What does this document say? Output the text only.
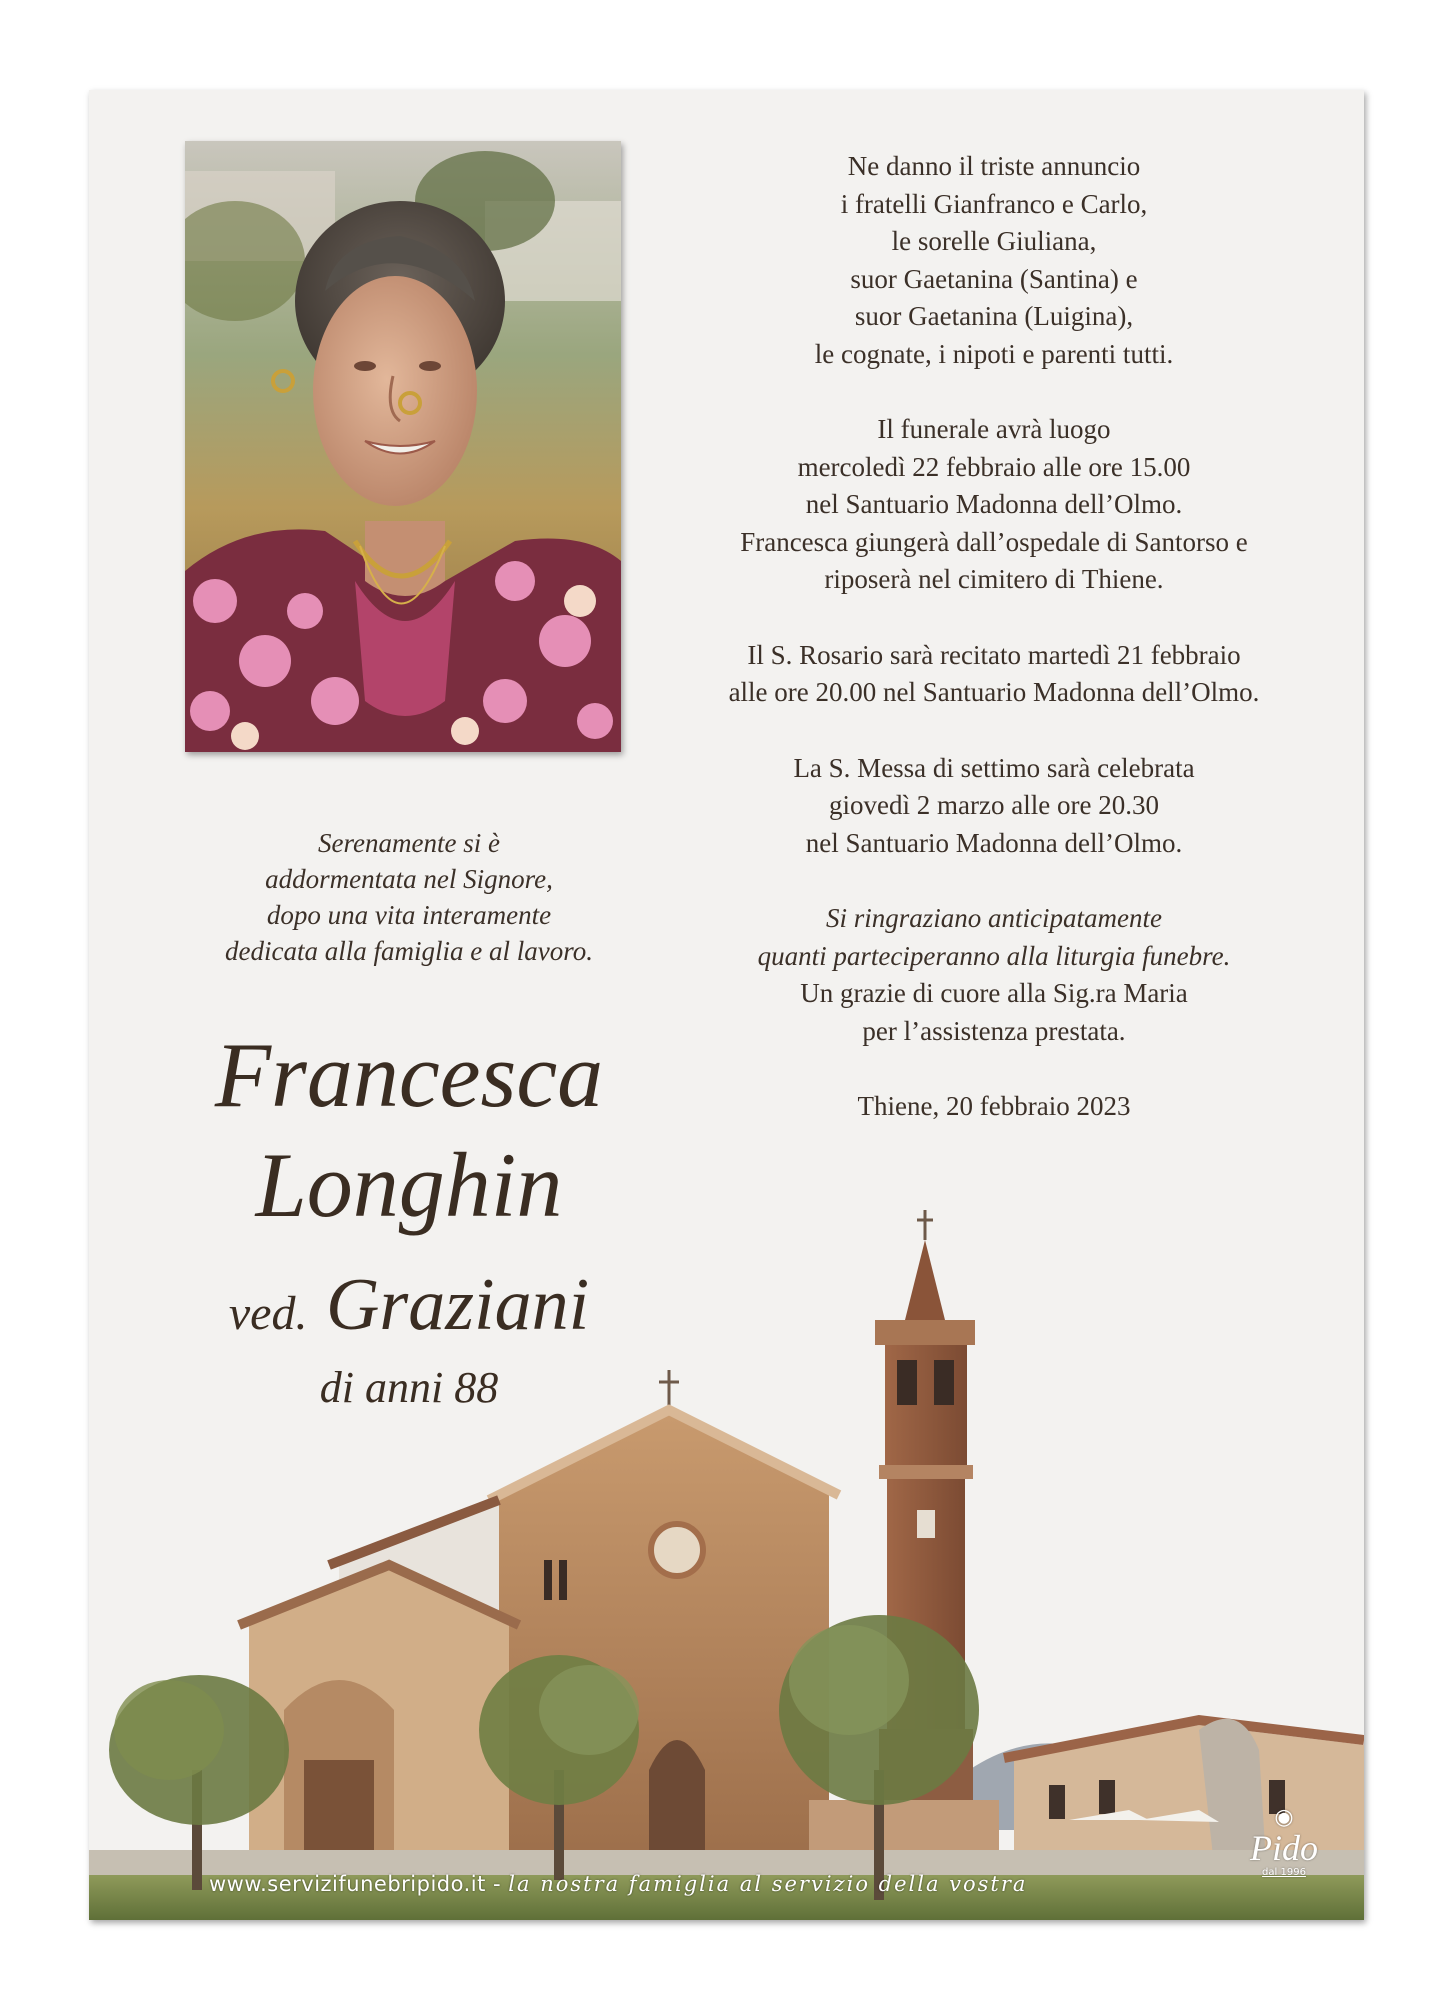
Ne danno il triste annuncio
i fratelli Gianfranco e Carlo,
le sorelle Giuliana,
suor Gaetanina (Santina) e
suor Gaetanina (Luigina),
le cognate, i nipoti e parenti tutti.

Il funerale avrà luogo
mercoledì 22 febbraio alle ore 15.00
nel Santuario Madonna dell’Olmo.
Francesca giungerà dall’ospedale di Santorso e
riposerà nel cimitero di Thiene.

Il S. Rosario sarà recitato martedì 21 febbraio
alle ore 20.00 nel Santuario Madonna dell’Olmo.

La S. Messa di settimo sarà celebrata
giovedì 2 marzo alle ore 20.30
nel Santuario Madonna dell’Olmo.

Si ringraziano anticipatamente
quanti parteciperanno alla liturgia funebre.
Un grazie di cuore alla Sig.ra Maria
per l’assistenza prestata.

Thiene, 20 febbraio 2023

Serenamente si è
addormentata nel Signore,
dopo una vita interamente
dedicata alla famiglia e al lavoro.
Francesca
Longhin
ved. Graziani
di anni 88
www.servizifunebripido.it - la nostra famiglia al servizio della vostra
◉
Pido
dal 1996
